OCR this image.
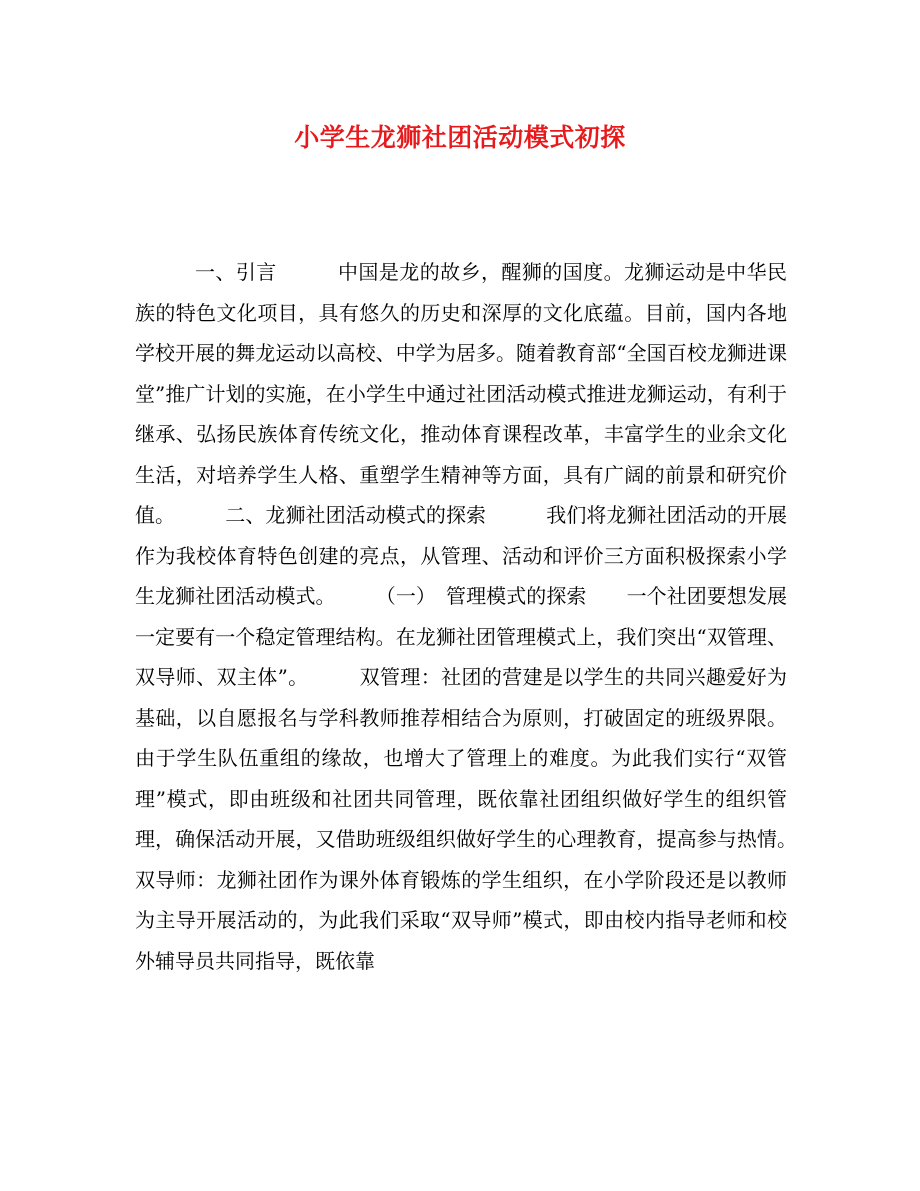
小学生龙狮社团活动模式初探

一、引言　　　中国是龙的故乡，醒狮的国度。龙狮运动是中华民族的特色文化项目，具有悠久的历史和深厚的文化底蕴。目前，国内各地学校开展的舞龙运动以高校、中学为居多。随着教育部“全国百校龙狮进课堂”推广计划的实施，在小学生中通过社团活动模式推进龙狮运动，有利于继承、弘扬民族体育传统文化，推动体育课程改革，丰富学生的业余文化生活，对培养学生人格、重塑学生精神等方面，具有广阔的前景和研究价值。　　　二、龙狮社团活动模式的探索　　　我们将龙狮社团活动的开展作为我校体育特色创建的亮点，从管理、活动和评价三方面积极探索小学生龙狮社团活动模式。　　　（一）　管理模式的探索　　一个社团要想发展一定要有一个稳定管理结构。在龙狮社团管理模式上，我们突出“双管理、双导师、双主体”。　　　双管理：社团的营建是以学生的共同兴趣爱好为基础，以自愿报名与学科教师推荐相结合为原则，打破固定的班级界限。由于学生队伍重组的缘故，也增大了管理上的难度。为此我们实行“双管理”模式，即由班级和社团共同管理，既依靠社团组织做好学生的组织管理，确保活动开展，又借助班级组织做好学生的心理教育，提高参与热情。　　　双导师：龙狮社团作为课外体育锻炼的学生组织，在小学阶段还是以教师为主导开展活动的，为此我们采取“双导师”模式，即由校内指导老师和校外辅导员共同指导，既依靠
